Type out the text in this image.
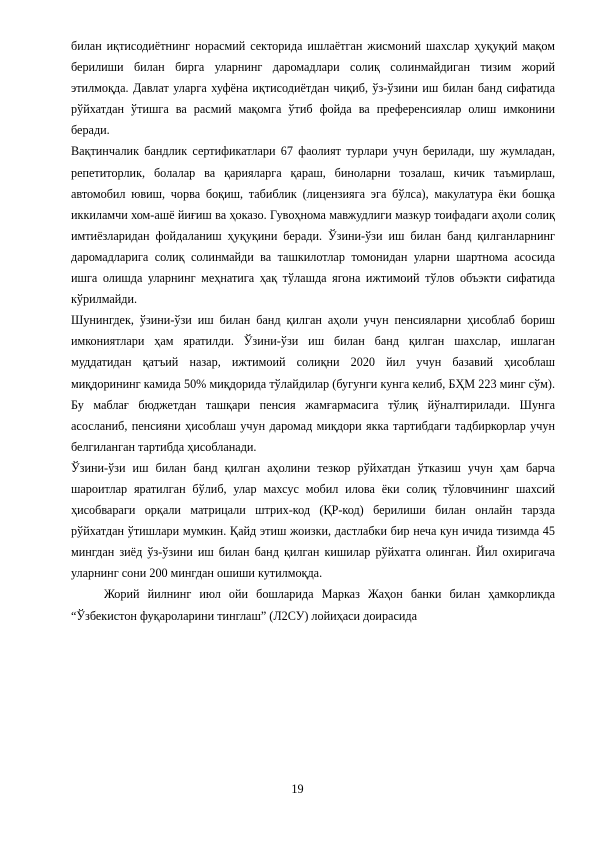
билан иқтисодиётнинг норасмий секторида ишлаётган жисмоний шахслар ҳуқуқий мақом берилиши билан бирга уларнинг даромадлари солиқ солинмайдиган тизим жорий этилмоқда. Давлат уларга хуфёна иқтисодиётдан чиқиб, ўз-ўзини иш билан банд сифатида рўйхатдан ўтишга ва расмий мақомга ўтиб фойда ва преференсиялар олиш имконини беради.

Вақтинчалик бандлик сертификатлари 67 фаолият турлари учун берилади, шу жумладан, репетиторлик, болалар ва қарияларга қараш, биноларни тозалаш, кичик таъмирлаш, автомобил ювиш, чорва боқиш, табиблик (лицензияга эга бўлса), макулатура ёки бошқа иккиламчи хом-ашё йиғиш ва ҳоказо. Гувоҳнома мавжудлиги мазкур тоифадаги аҳоли солиқ имтиёзларидан фойдаланиш ҳуқуқини беради. Ўзини-ўзи иш билан банд қилганларнинг даромадларига солиқ солинмайди ва ташкилотлар томонидан уларни шартнома асосида ишга олишда уларнинг меҳнатига ҳақ тўлашда ягона ижтимоий тўлов объэкти сифатида кўрилмайди.

Шунингдек, ўзини-ўзи иш билан банд қилган аҳоли учун пенсияларни ҳисоблаб бориш имкониятлари ҳам яратилди. Ўзини-ўзи иш билан банд қилган шахслар, ишлаган муддатидан қатъий назар, ижтимоий солиқни 2020 йил учун базавий ҳисоблаш миқдорининг камида 50% миқдорида тўлайдилар (бугунги кунга келиб, БҲМ 223 минг сўм). Бу маблағ бюджетдан ташқари пенсия жамғармасига тўлиқ йўналтирилади. Шунга асосланиб, пенсияни ҳисоблаш учун даромад миқдори якка тартибдаги тадбиркорлар учун белгиланган тартибда ҳисобланади.

Ўзини-ўзи иш билан банд қилган аҳолини тезкор рўйхатдан ўтказиш учун ҳам барча шароитлар яратилган бўлиб, улар махсус мобил илова ёки солиқ тўловчининг шахсий ҳисобвараги орқали матрицали штрих-код (ҚР-код) берилиши билан онлайн тарзда рўйхатдан ўтишлари мумкин. Қайд этиш жоизки, дастлабки бир неча кун ичида тизимда 45 мингдан зиёд ўз-ўзини иш билан банд қилган кишилар рўйхатга олинган. Йил охиригача уларнинг сони 200 мингдан ошиши кутилмоқда.

Жорий йилнинг июл ойи бошларида Марказ Жаҳон банки билан ҳамкорликда “Ўзбекистон фуқароларини тинглаш” (Л2СУ) лойиҳаси доирасида

19
